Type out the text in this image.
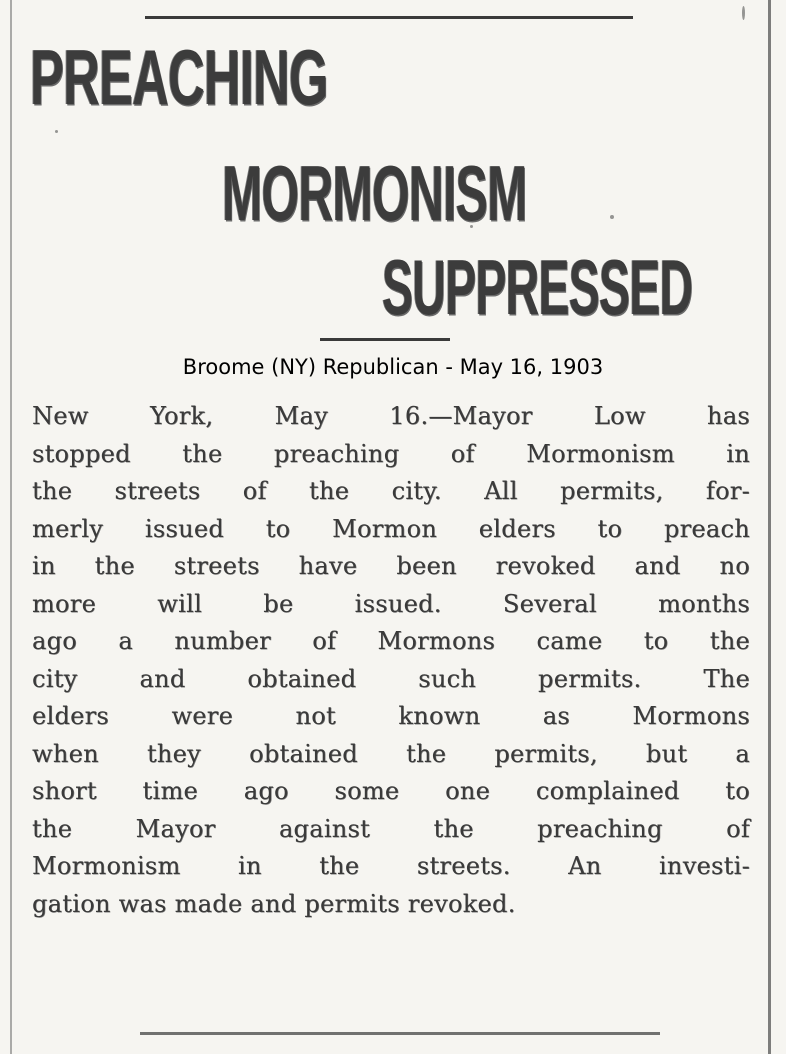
PREACHING
MORMONISM
SUPPRESSED
Broome (NY) Republican - May 16, 1903
New York, May 16.—Mayor Low has
stopped the preaching of Mormonism in
the streets of the city. All permits, for-
merly issued to Mormon elders to preach
in the streets have been revoked and no
more will be issued. Several months
ago a number of Mormons came to the
city and obtained such permits. The
elders were not known as Mormons
when they obtained the permits, but a
short time ago some one complained to
the Mayor against the preaching of
Mormonism in the streets. An investi-
gation was made and permits revoked.
